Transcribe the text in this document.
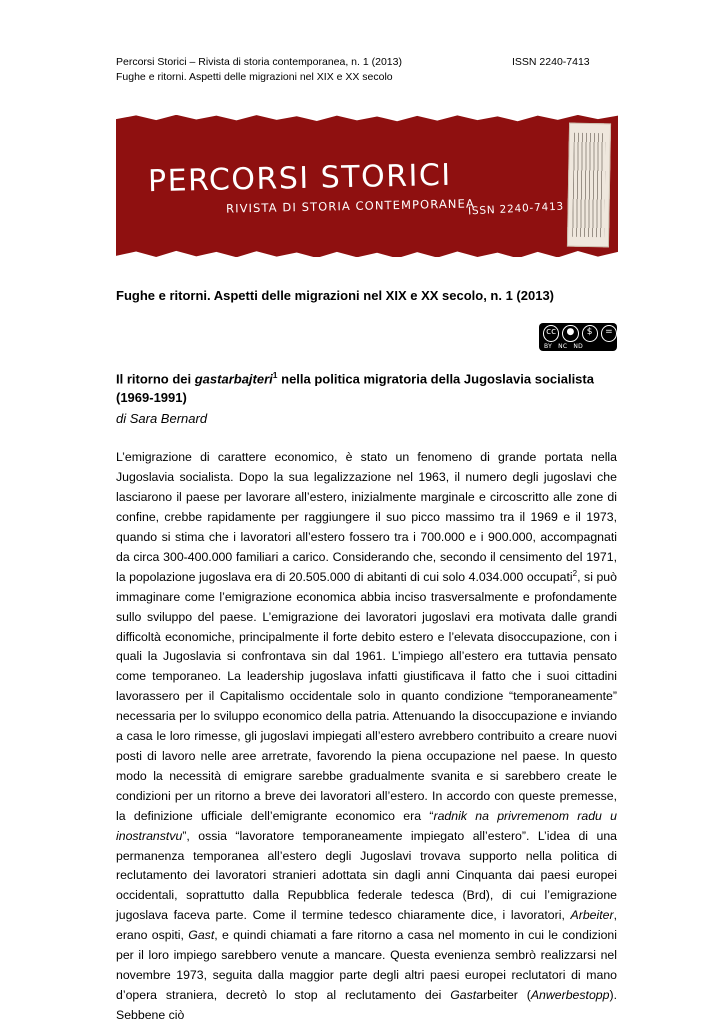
Percorsi Storici – Rivista di storia contemporanea, n. 1 (2013)
Fughe e ritorni. Aspetti delle migrazioni nel XIX e XX secolo
ISSN 2240-7413
PERCORSI STORICI
RIVISTA DI STORIA CONTEMPORANEA
ISSN 2240-7413
Fughe e ritorni. Aspetti delle migrazioni nel XIX e XX secolo, n. 1 (2013)
cc	●	$	=
BY NC ND
Il ritorno dei gastarbajteri$^1$ nella politica migratoria della Jugoslavia socialista (1969-1991)
di Sara Bernard
L’emigrazione di carattere economico, è stato un fenomeno di grande portata nella Jugoslavia socialista. Dopo la sua legalizzazione nel 1963, il numero degli jugoslavi che lasciarono il paese per lavorare all’estero, inizialmente marginale e circoscritto alle zone di confine, crebbe rapidamente per raggiungere il suo picco massimo tra il 1969 e il 1973, quando si stima che i lavoratori all’estero fossero tra i 700.000 e i 900.000, accompagnati da circa 300-400.000 familiari a carico. Considerando che, secondo il censimento del 1971, la popolazione jugoslava era di 20.505.000 di abitanti di cui solo 4.034.000 occupati$^2$, si può immaginare come l’emigrazione economica abbia inciso trasversalmente e profondamente sullo sviluppo del paese. L’emigrazione dei lavoratori jugoslavi era motivata dalle grandi difficoltà economiche, principalmente il forte debito estero e l’elevata disoccupazione, con i quali la Jugoslavia si confrontava sin dal 1961. L’impiego all’estero era tuttavia pensato come temporaneo. La leadership jugoslava infatti giustificava il fatto che i suoi cittadini lavorassero per il Capitalismo occidentale solo in quanto condizione “temporaneamente” necessaria per lo sviluppo economico della patria. Attenuando la disoccupazione e inviando a casa le loro rimesse, gli jugoslavi impiegati all’estero avrebbero contribuito a creare nuovi posti di lavoro nelle aree arretrate, favorendo la piena occupazione nel paese. In questo modo la necessità di emigrare sarebbe gradualmente svanita e si sarebbero create le condizioni per un ritorno a breve dei lavoratori all’estero. In accordo con queste premesse, la definizione ufficiale dell’emigrante economico era “radnik na privremenom radu u inostranstvu”, ossia “lavoratore temporaneamente impiegato all’estero”. L’idea di una permanenza temporanea all’estero degli Jugoslavi trovava supporto nella politica di reclutamento dei lavoratori stranieri adottata sin dagli anni Cinquanta dai paesi europei occidentali, soprattutto dalla Repubblica federale tedesca (Brd), di cui l’emigrazione jugoslava faceva parte. Come il termine tedesco chiaramente dice, i lavoratori, Arbeiter, erano ospiti, Gast, e quindi chiamati a fare ritorno a casa nel momento in cui le condizioni per il loro impiego sarebbero venute a mancare. Questa evenienza sembrò realizzarsi nel novembre 1973, seguita dalla maggior parte degli altri paesi europei reclutatori di mano d’opera straniera, decretò lo stop al reclutamento dei Gastarbeiter (Anwerbestopp). Sebbene ciò
